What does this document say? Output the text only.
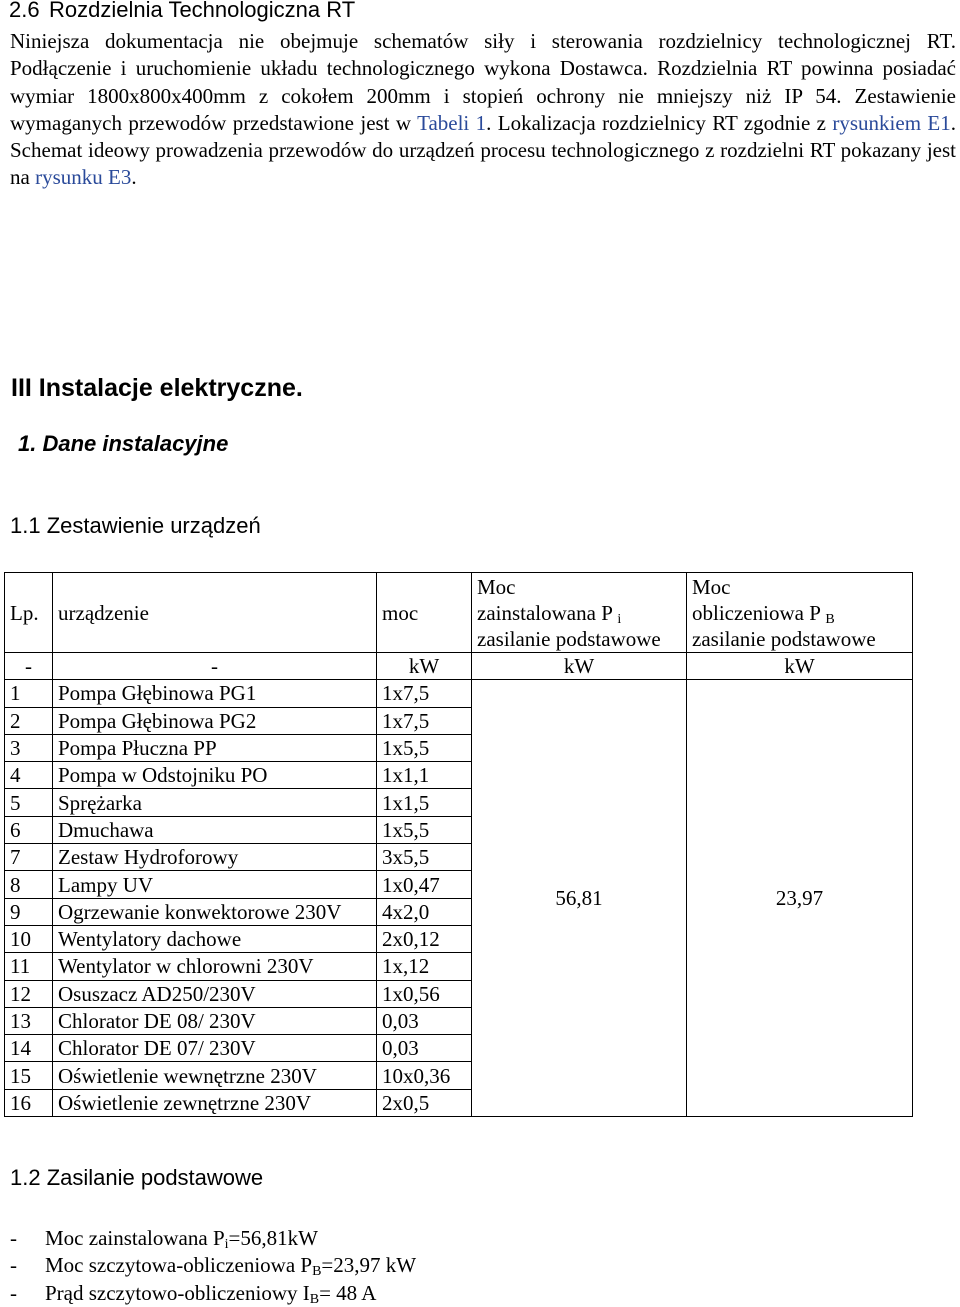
2.6 Rozdzielnia Technologiczna RT
Niniejsza dokumentacja nie obejmuje schematów siły i sterowania rozdzielnicy technologicznej RT. Podłączenie i uruchomienie układu technologicznego wykona Dostawca. Rozdzielnia RT powinna posiadać wymiar 1800x800x400mm z cokołem 200mm i stopień ochrony nie mniejszy niż IP 54. Zestawienie wymaganych przewodów przedstawione jest w Tabeli 1. Lokalizacja rozdzielnicy RT zgodnie z rysunkiem E1. Schemat ideowy prowadzenia przewodów do urządzeń procesu technologicznego z rozdzielni RT pokazany jest na rysunku E3.
III Instalacje elektryczne.
1. Dane instalacyjne
1.1 Zestawienie urządzeń
Lp.	urządzenie	moc	Moc
zainstalowana P $_i$
zasilanie podstawowe	Moc
obliczeniowa P $_B$
zasilanie podstawowe
-	-	kW	kW	kW
1	Pompa Głębinowa PG1	1x7,5	56,81	23,97
2	Pompa Głębinowa PG2	1x7,5		
3	Pompa Płuczna PP	1x5,5		
4	Pompa w Odstojniku PO	1x1,1		
5	Sprężarka	1x1,5		
6	Dmuchawa	1x5,5		
7	Zestaw Hydroforowy	3x5,5		
8	Lampy UV	1x0,47		
9	Ogrzewanie konwektorowe 230V	4x2,0		
10	Wentylatory dachowe	2x0,12		
11	Wentylator w chlorowni 230V	1x,12		
12	Osuszacz AD250/230V	1x0,56		
13	Chlorator DE 08/ 230V	0,03		
14	Chlorator DE 07/ 230V	0,03		
15	Oświetlenie wewnętrzne 230V	10x0,36		
16	Oświetlenie zewnętrzne 230V	2x0,5		
1.2 Zasilanie podstawowe
- Moc zainstalowana $P_i=56,81kW$
- Moc szczytowa-obliczeniowa $P_B=23,97$ kW
- Prąd szczytowo-obliczeniowy $I_B= 48$ A
